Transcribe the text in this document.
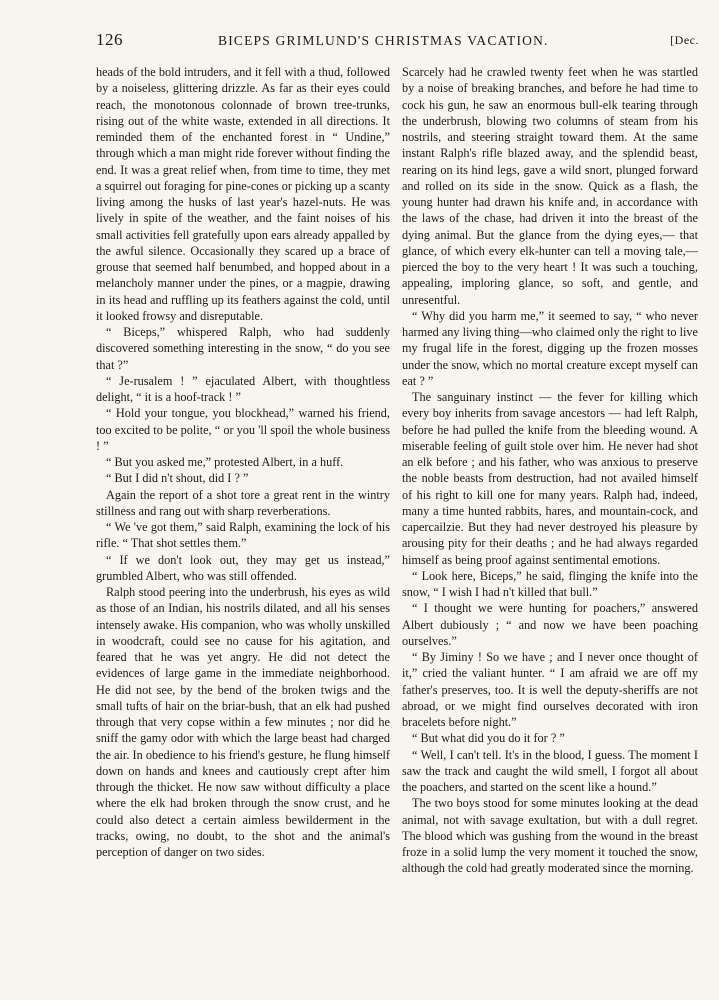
126	BICEPS GRIMLUND'S CHRISTMAS VACATION.	[Dec.

heads of the bold intruders, and it fell with a thud, followed by a noiseless, glittering drizzle. As far as their eyes could reach, the monotonous colonnade of brown tree-trunks, rising out of the white waste, extended in all directions. It reminded them of the enchanted forest in “ Undine,” through which a man might ride forever without finding the end. It was a great relief when, from time to time, they met a squirrel out foraging for pine-cones or picking up a scanty living among the husks of last year's hazel-nuts. He was lively in spite of the weather, and the faint noises of his small activities fell gratefully upon ears already appalled by the awful silence. Occasionally they scared up a brace of grouse that seemed half benumbed, and hopped about in a melancholy manner under the pines, or a magpie, drawing in its head and ruffling up its feathers against the cold, until it looked frowsy and disreputable.

“ Biceps,” whispered Ralph, who had suddenly discovered something interesting in the snow, “ do you see that ?”

“ Je-rusalem ! ” ejaculated Albert, with thoughtless delight, “ it is a hoof-track ! ”

“ Hold your tongue, you blockhead,” warned his friend, too excited to be polite, “ or you 'll spoil the whole business ! ”

“ But you asked me,” protested Albert, in a huff.

“ But I did n't shout, did I ? ”

Again the report of a shot tore a great rent in the wintry stillness and rang out with sharp reverberations.

“ We 've got them,” said Ralph, examining the lock of his rifle. “ That shot settles them.”

“ If we don't look out, they may get us instead,” grumbled Albert, who was still offended.

Ralph stood peering into the underbrush, his eyes as wild as those of an Indian, his nostrils dilated, and all his senses intensely awake. His companion, who was wholly unskilled in woodcraft, could see no cause for his agitation, and feared that he was yet angry. He did not detect the evidences of large game in the immediate neighborhood. He did not see, by the bend of the broken twigs and the small tufts of hair on the briar-bush, that an elk had pushed through that very copse within a few minutes ; nor did he sniff the gamy odor with which the large beast had charged the air. In obedience to his friend's gesture, he flung himself down on hands and knees and cautiously crept after him through the thicket. He now saw without difficulty a place where the elk had broken through the snow crust, and he could also detect a certain aimless bewilderment in the tracks, owing, no doubt, to the shot and the animal's perception of danger on two sides.

Scarcely had he crawled twenty feet when he was startled by a noise of breaking branches, and before he had time to cock his gun, he saw an enormous bull-elk tearing through the underbrush, blowing two columns of steam from his nostrils, and steering straight toward them. At the same instant Ralph's rifle blazed away, and the splendid beast, rearing on its hind legs, gave a wild snort, plunged forward and rolled on its side in the snow. Quick as a flash, the young hunter had drawn his knife and, in accordance with the laws of the chase, had driven it into the breast of the dying animal. But the glance from the dying eyes,— that glance, of which every elk-hunter can tell a moving tale,—pierced the boy to the very heart ! It was such a touching, appealing, imploring glance, so soft, and gentle, and unresentful.

“ Why did you harm me,” it seemed to say, “ who never harmed any living thing—who claimed only the right to live my frugal life in the forest, digging up the frozen mosses under the snow, which no mortal creature except myself can eat ? ”

The sanguinary instinct — the fever for killing which every boy inherits from savage ancestors — had left Ralph, before he had pulled the knife from the bleeding wound. A miserable feeling of guilt stole over him. He never had shot an elk before ; and his father, who was anxious to preserve the noble beasts from destruction, had not availed himself of his right to kill one for many years. Ralph had, indeed, many a time hunted rabbits, hares, and mountain-cock, and capercailzie. But they had never destroyed his pleasure by arousing pity for their deaths ; and he had always regarded himself as being proof against sentimental emotions.

“ Look here, Biceps,” he said, flinging the knife into the snow, “ I wish I had n't killed that bull.”

“ I thought we were hunting for poachers,” answered Albert dubiously ; “ and now we have been poaching ourselves.”

“ By Jiminy ! So we have ; and I never once thought of it,” cried the valiant hunter. “ I am afraid we are off my father's preserves, too. It is well the deputy-sheriffs are not abroad, or we might find ourselves decorated with iron bracelets before night.”

“ But what did you do it for ? ”

“ Well, I can't tell. It's in the blood, I guess. The moment I saw the track and caught the wild smell, I forgot all about the poachers, and started on the scent like a hound.”

The two boys stood for some minutes looking at the dead animal, not with savage exultation, but with a dull regret. The blood which was gushing from the wound in the breast froze in a solid lump the very moment it touched the snow, although the cold had greatly moderated since the morning.
